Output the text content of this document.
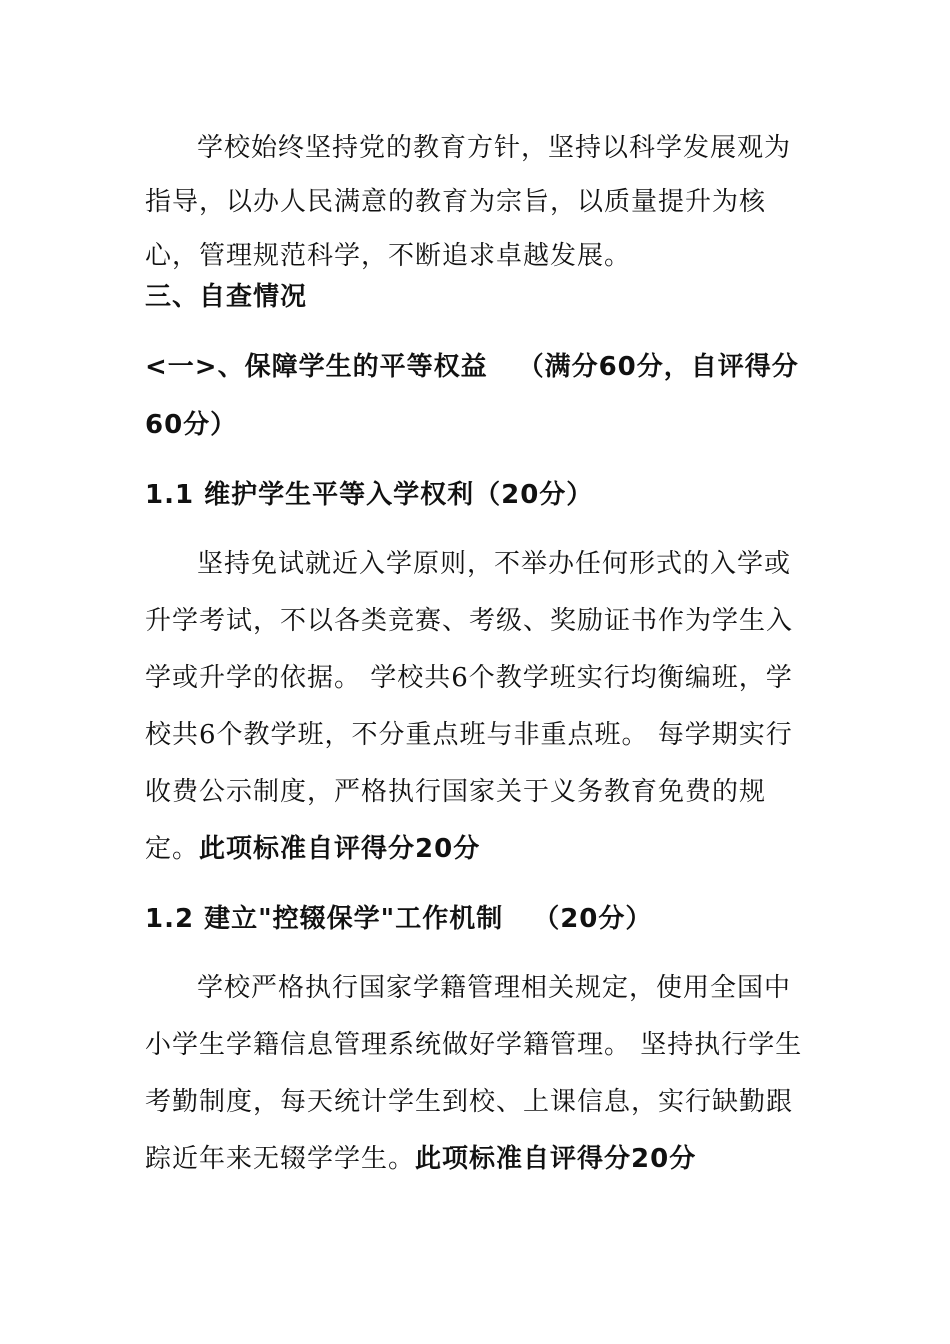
学校始终坚持党的教育方针，坚持以科学发展观为指导，以办人民满意的教育为宗旨，以质量提升为核心，管理规范科学，不断追求卓越发展。

三、自查情况
<一>、保障学生的平等权益 （满分60分，自评得分60分）
1.1 维护学生平等入学权利（20分）

坚持免试就近入学原则，不举办任何形式的入学或升学考试，不以各类竞赛、考级、奖励证书作为学生入学或升学的依据。 学校共6个教学班实行均衡编班，学校共6个教学班，不分重点班与非重点班。 每学期实行收费公示制度，严格执行国家关于义务教育免费的规定。此项标准自评得分20分

1.2 建立"控辍保学"工作机制 （20分）

学校严格执行国家学籍管理相关规定，使用全国中小学生学籍信息管理系统做好学籍管理。 坚持执行学生考勤制度，每天统计学生到校、上课信息，实行缺勤跟踪近年来无辍学学生。此项标准自评得分20分
